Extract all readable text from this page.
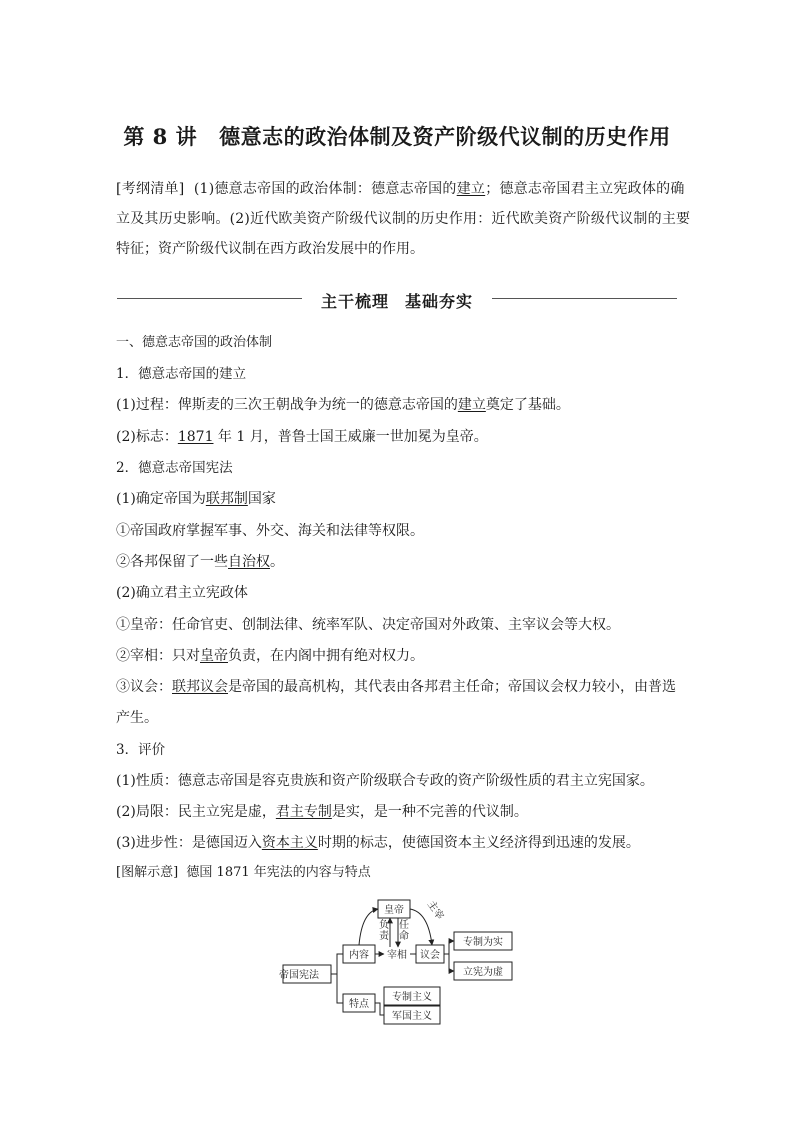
第 8 讲 德意志的政治体制及资产阶级代议制的历史作用
[考纲清单] (1)德意志帝国的政治体制：德意志帝国的建立；德意志帝国君主立宪政体的确
立及其历史影响。(2)近代欧美资产阶级代议制的历史作用：近代欧美资产阶级代议制的主要
特征；资产阶级代议制在西方政治发展中的作用。
主干梳理 基础夯实
一、德意志帝国的政治体制
1．德意志帝国的建立
(1)过程：俾斯麦的三次王朝战争为统一的德意志帝国的建立奠定了基础。
(2)标志：1871 年 1 月，普鲁士国王威廉一世加冕为皇帝。
2．德意志帝国宪法
(1)确定帝国为联邦制国家
①帝国政府掌握军事、外交、海关和法律等权限。
②各邦保留了一些自治权。
(2)确立君主立宪政体
①皇帝：任命官吏、创制法律、统率军队、决定帝国对外政策、主宰议会等大权。
②宰相：只对皇帝负责，在内阁中拥有绝对权力。
③议会：联邦议会是帝国的最高机构，其代表由各邦君主任命；帝国议会权力较小，由普选
产生。
3．评价
(1)性质：德意志帝国是容克贵族和资产阶级联合专政的资产阶级性质的君主立宪国家。
(2)局限：民主立宪是虚，君主专制是实，是一种不完善的代议制。
(3)进步性：是德国迈入资本主义时期的标志，使德国资本主义经济得到迅速的发展。
[图解示意] 德国 1871 年宪法的内容与特点
帝国宪法
内容
特点
皇帝
宰相 议会
专制为实
立宪为虚
专制主义
军国主义
负
责
任
命
主宰
